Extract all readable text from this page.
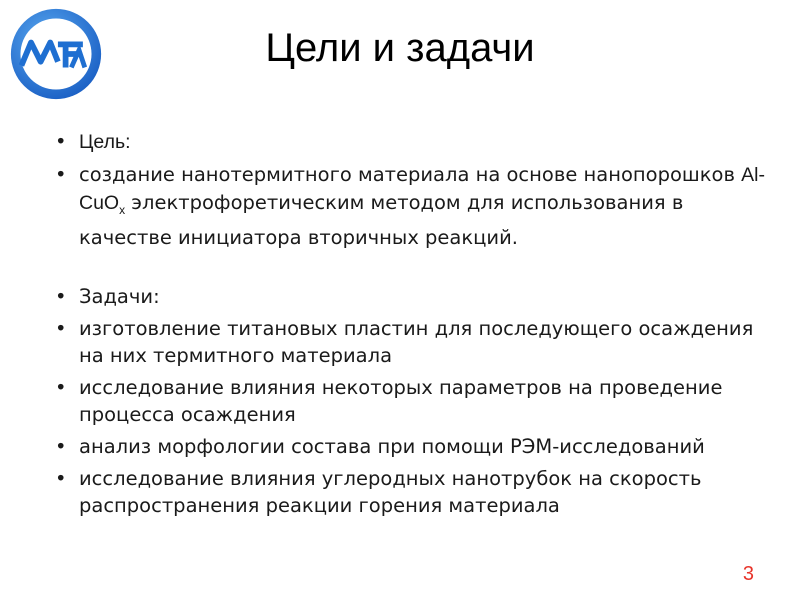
Цели и задачи
• Цель:
• создание нанотермитного материала на основе нанопорошков Al-CuO$_x$ электрофоретическим методом для использования в качестве инициатора вторичных реакций.
• Задачи:
• изготовление титановых пластин для последующего осаждения на них термитного материала
• исследование влияния некоторых параметров на проведение процесса осаждения
• анализ морфологии состава при помощи РЭМ-исследований
• исследование влияния углеродных нанотрубок на скорость распространения реакции горения материала
3
